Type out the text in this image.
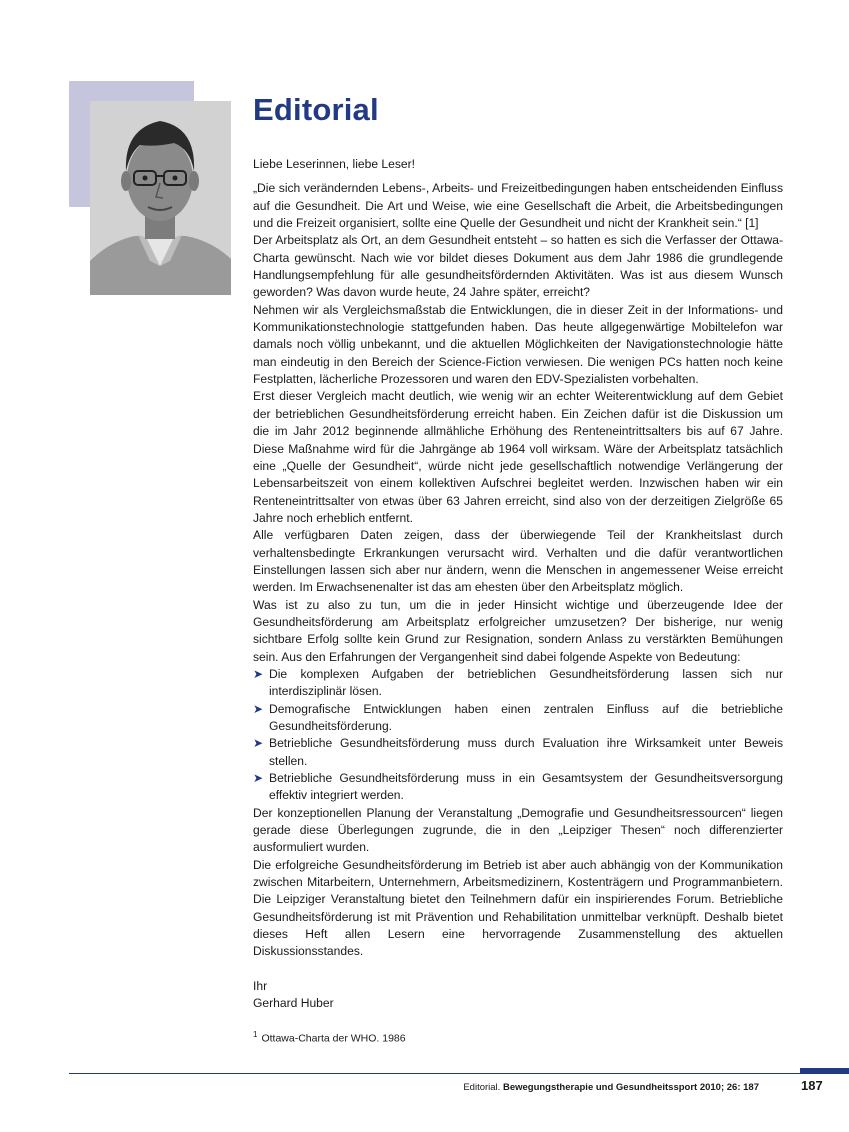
Editorial

Liebe Leserinnen, liebe Leser!

„Die sich verändernden Lebens-, Arbeits- und Freizeitbedingungen haben entscheidenden Einfluss auf die Gesundheit. Die Art und Weise, wie eine Gesellschaft die Arbeit, die Arbeitsbedingungen und die Freizeit organisiert, sollte eine Quelle der Gesundheit und nicht der Krankheit sein.“ [1]

Der Arbeitsplatz als Ort, an dem Gesundheit entsteht – so hatten es sich die Verfasser der Ottawa-Charta gewünscht. Nach wie vor bildet dieses Dokument aus dem Jahr 1986 die grundlegende Handlungsempfehlung für alle gesundheitsfördernden Aktivitäten. Was ist aus diesem Wunsch geworden? Was davon wurde heute, 24 Jahre später, erreicht?

Nehmen wir als Vergleichsmaßstab die Entwicklungen, die in dieser Zeit in der Informations- und Kommunikationstechnologie stattgefunden haben. Das heute allgegenwärtige Mobiltelefon war damals noch völlig unbekannt, und die aktuellen Möglichkeiten der Navigationstechnologie hätte man eindeutig in den Bereich der Science-Fiction verwiesen. Die wenigen PCs hatten noch keine Festplatten, lächerliche Prozessoren und waren den EDV-Spezialisten vorbehalten.

Erst dieser Vergleich macht deutlich, wie wenig wir an echter Weiterentwicklung auf dem Gebiet der betrieblichen Gesundheitsförderung erreicht haben. Ein Zeichen dafür ist die Diskussion um die im Jahr 2012 beginnende allmähliche Erhöhung des Renteneintrittsalters bis auf 67 Jahre. Diese Maßnahme wird für die Jahrgänge ab 1964 voll wirksam. Wäre der Arbeitsplatz tatsächlich eine „Quelle der Gesundheit“, würde nicht jede gesellschaftlich notwendige Verlängerung der Lebensarbeitszeit von einem kollektiven Aufschrei begleitet werden. Inzwischen haben wir ein Renteneintrittsalter von etwas über 63 Jahren erreicht, sind also von der derzeitigen Zielgröße 65 Jahre noch erheblich entfernt.

Alle verfügbaren Daten zeigen, dass der überwiegende Teil der Krankheitslast durch verhaltensbedingte Erkrankungen verursacht wird. Verhalten und die dafür verantwortlichen Einstellungen lassen sich aber nur ändern, wenn die Menschen in angemessener Weise erreicht werden. Im Erwachsenenalter ist das am ehesten über den Arbeitsplatz möglich.

Was ist zu also zu tun, um die in jeder Hinsicht wichtige und überzeugende Idee der Gesundheitsförderung am Arbeitsplatz erfolgreicher umzusetzen? Der bisherige, nur wenig sichtbare Erfolg sollte kein Grund zur Resignation, sondern Anlass zu verstärkten Bemühungen sein. Aus den Erfahrungen der Vergangenheit sind dabei folgende Aspekte von Bedeutung:

➤ Die komplexen Aufgaben der betrieblichen Gesundheitsförderung lassen sich nur interdisziplinär lösen.
➤ Demografische Entwicklungen haben einen zentralen Einfluss auf die betriebliche Gesundheitsförderung.
➤ Betriebliche Gesundheitsförderung muss durch Evaluation ihre Wirksamkeit unter Beweis stellen.
➤ Betriebliche Gesundheitsförderung muss in ein Gesamtsystem der Gesundheitsversorgung effektiv integriert werden.

Der konzeptionellen Planung der Veranstaltung „Demografie und Gesundheitsressourcen“ liegen gerade diese Überlegungen zugrunde, die in den „Leipziger Thesen“ noch differenzierter ausformuliert wurden.

Die erfolgreiche Gesundheitsförderung im Betrieb ist aber auch abhängig von der Kommunikation zwischen Mitarbeitern, Unternehmern, Arbeitsmedizinern, Kostenträgern und Programmanbietern. Die Leipziger Veranstaltung bietet den Teilnehmern dafür ein inspirierendes Forum. Betriebliche Gesundheitsförderung ist mit Prävention und Rehabilitation unmittelbar verknüpft. Deshalb bietet dieses Heft allen Lesern eine hervorragende Zusammenstellung des aktuellen Diskussionsstandes.

Ihr

Gerhard Huber

$^1$ Ottawa-Charta der WHO. 1986
Editorial. Bewegungstherapie und Gesundheitssport 2010; 26: 187	187
